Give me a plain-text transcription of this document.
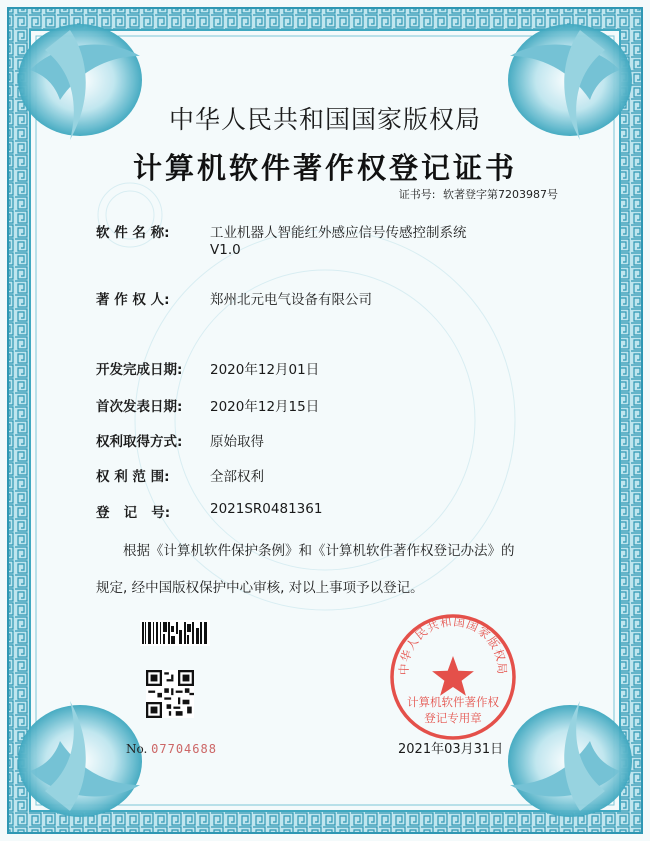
中华人民共和国国家版权局
计算机软件著作权登记证书
证书号: 软著登字第7203987号
软 件 名 称:	工业机器人智能红外感应信号传感控制系统
V1.0
著 作 权 人:	郑州北元电气设备有限公司
开发完成日期: 2020年12月01日
首次发表日期: 2020年12月15日
权利取得方式: 原始取得
权 利 范 围:	全部权利
登   记   号:	2021SR0481361
根据《计算机软件保护条例》和《计算机软件著作权登记办法》的
规定, 经中国版权保护中心审核, 对以上事项予以登记。
No. 07704688
中华人民共和国国家版权局
计算机软件著作权
登记专用章
2021年03月31日
